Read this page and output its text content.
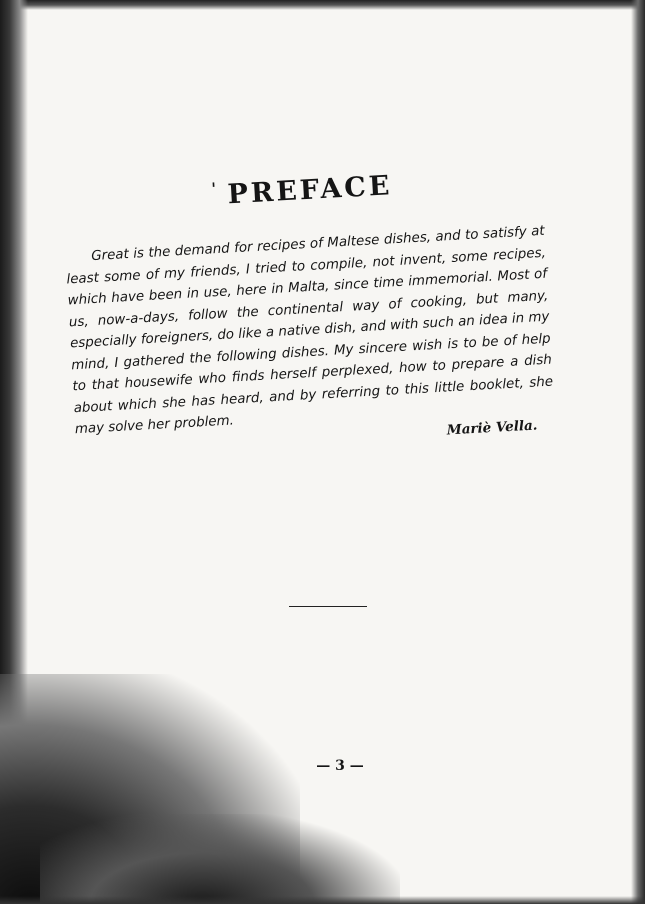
$^ˈ$ PREFACE

Great is the demand for recipes of Maltese dishes, and to satisfy at least some of my friends, I tried to compile, not invent, some recipes, which have been in use, here in Malta, since time immemorial. Most of us, now-a-days, follow the continental way of cooking, but many, especially foreigners, do like a native dish, and with such an idea in my mind, I gathered the following dishes. My sincere wish is to be of help to that housewife who finds herself perplexed, how to prepare a dish about which she has heard, and by referring to this little booklet, she may solve her problem.	Mariè Vella.
— 3 —
